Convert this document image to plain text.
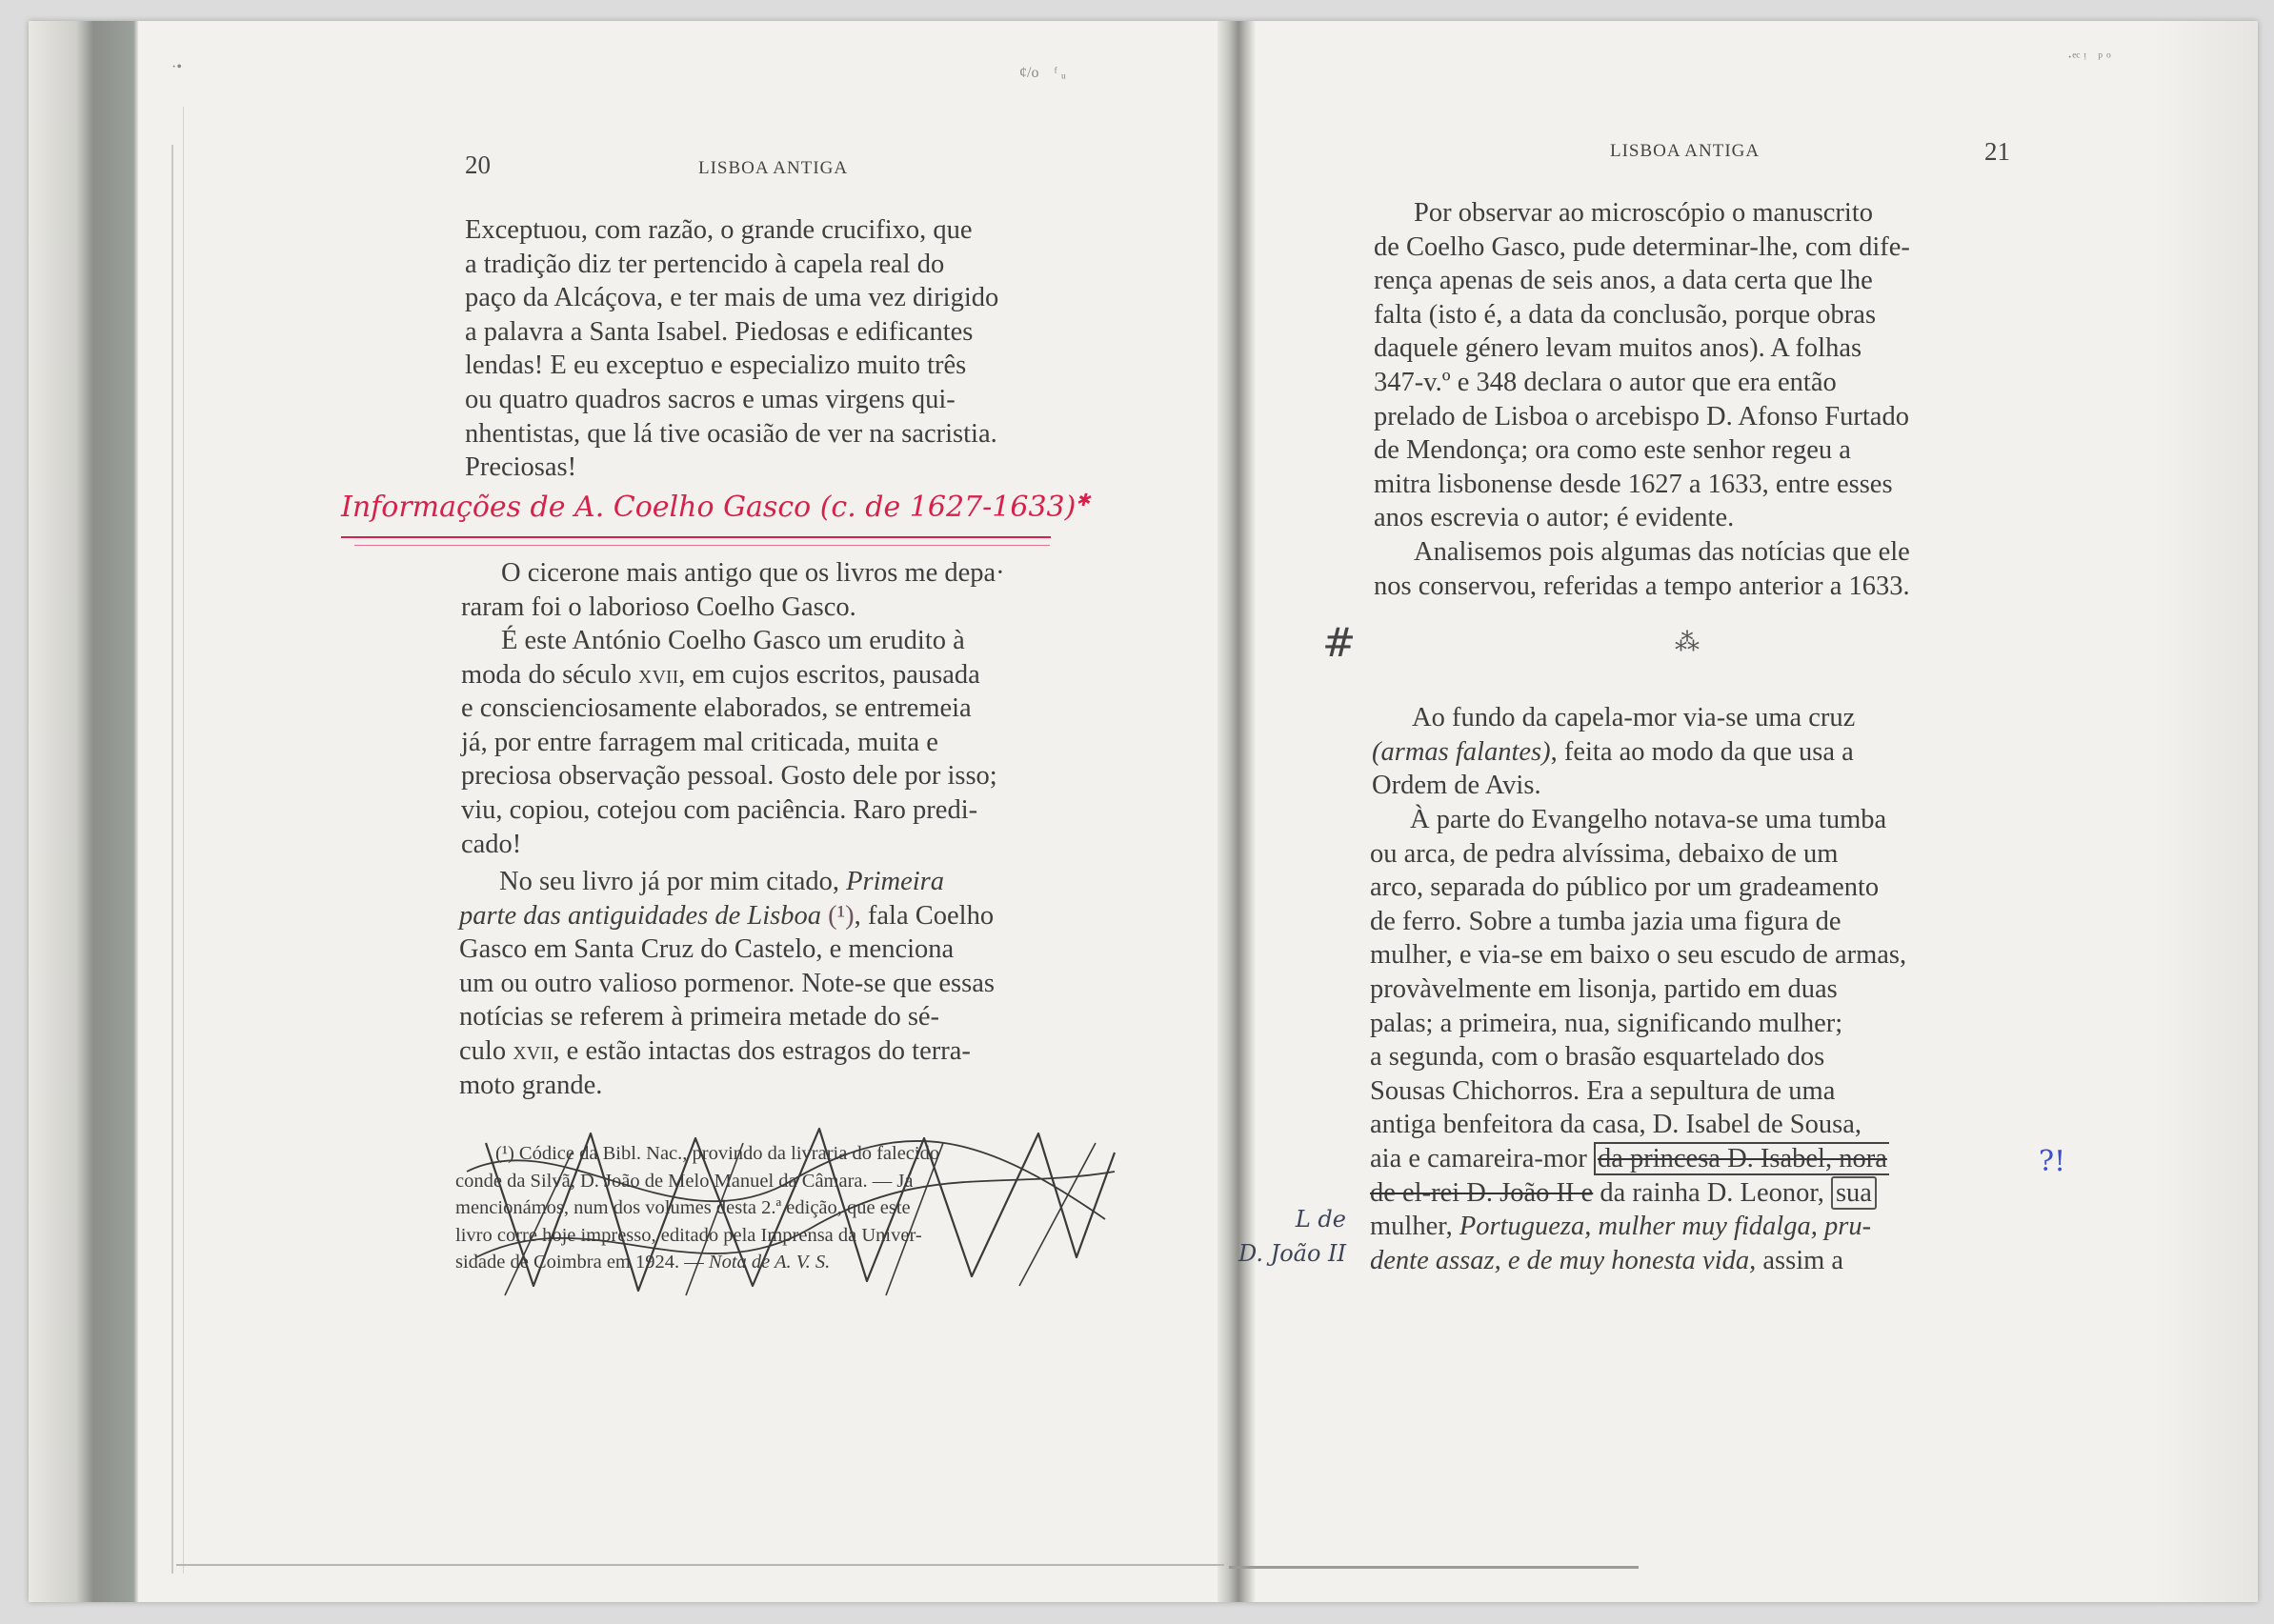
·•	¢/o    ᶠ ᵤ
·ᵉᶜ ᵎ   ᵖ ᵒ
20	LISBOA ANTIGA

Exceptuou, com razão, o grande crucifixo, que

a tradição diz ter pertencido à capela real do

paço da Alcáçova, e ter mais de uma vez dirigido

a palavra a Santa Isabel. Piedosas e edificantes

lendas! E eu exceptuo e especializo muito três

ou quatro quadros sacros e umas virgens qui-

nhentistas, que lá tive ocasião de ver na sacristia.

Preciosas!

Informações de A. Coelho Gasco (c. de 1627-1633)✱

O cicerone mais antigo que os livros me depa·

raram foi o laborioso Coelho Gasco.

É este António Coelho Gasco um erudito à

moda do século xvii, em cujos escritos, pausada

e conscienciosamente elaborados, se entremeia

já, por entre farragem mal criticada, muita e

preciosa observação pessoal. Gosto dele por isso;

viu, copiou, cotejou com paciência. Raro predi-

cado!

No seu livro já por mim citado, Primeira

parte das antiguidades de Lisboa (¹), fala Coelho

Gasco em Santa Cruz do Castelo, e menciona

um ou outro valioso pormenor. Note-se que essas

notícias se referem à primeira metade do sé-

culo xvii, e estão intactas dos estragos do terra-

moto grande.

(¹) Códice da Bibl. Nac., provindo da livraria do falecido

conde da Silvã, D. João de Melo Manuel da Câmara. — Já

mencionámos, num dos volumes desta 2.ª edição, que este

livro corre hoje impresso, editado pela Imprensa da Univer-

sidade de Coimbra em 1924. — Nota de A. V. S.

LISBOA ANTIGA	21

Por observar ao microscópio o manuscrito

de Coelho Gasco, pude determinar-lhe, com dife-

rença apenas de seis anos, a data certa que lhe

falta (isto é, a data da conclusão, porque obras

daquele género levam muitos anos). A folhas

347-v.º e 348 declara o autor que era então

prelado de Lisboa o arcebispo D. Afonso Furtado

de Mendonça; ora como este senhor regeu a

mitra lisbonense desde 1627 a 1633, entre esses

anos escrevia o autor; é evidente.

Analisemos pois algumas das notícias que ele

nos conservou, referidas a tempo anterior a 1633.

#	⁂

Ao fundo da capela-mor via-se uma cruz

(armas falantes), feita ao modo da que usa a

Ordem de Avis.

À parte do Evangelho notava-se uma tumba

ou arca, de pedra alvíssima, debaixo de um

arco, separada do público por um gradeamento

de ferro. Sobre a tumba jazia uma figura de

mulher, e via-se em baixo o seu escudo de armas,

provàvelmente em lisonja, partido em duas

palas; a primeira, nua, significando mulher;

a segunda, com o brasão esquartelado dos

Sousas Chichorros. Era a sepultura de uma

antiga benfeitora da casa, D. Isabel de Sousa,

aia e camareira-mor da princesa D. Isabel, nora

de el-rei D. João II e da rainha D. Leonor, sua

mulher, Portugueza, mulher muy fidalga, pru-

dente assaz, e de muy honesta vida, assim a

L de
D. João II
?!
